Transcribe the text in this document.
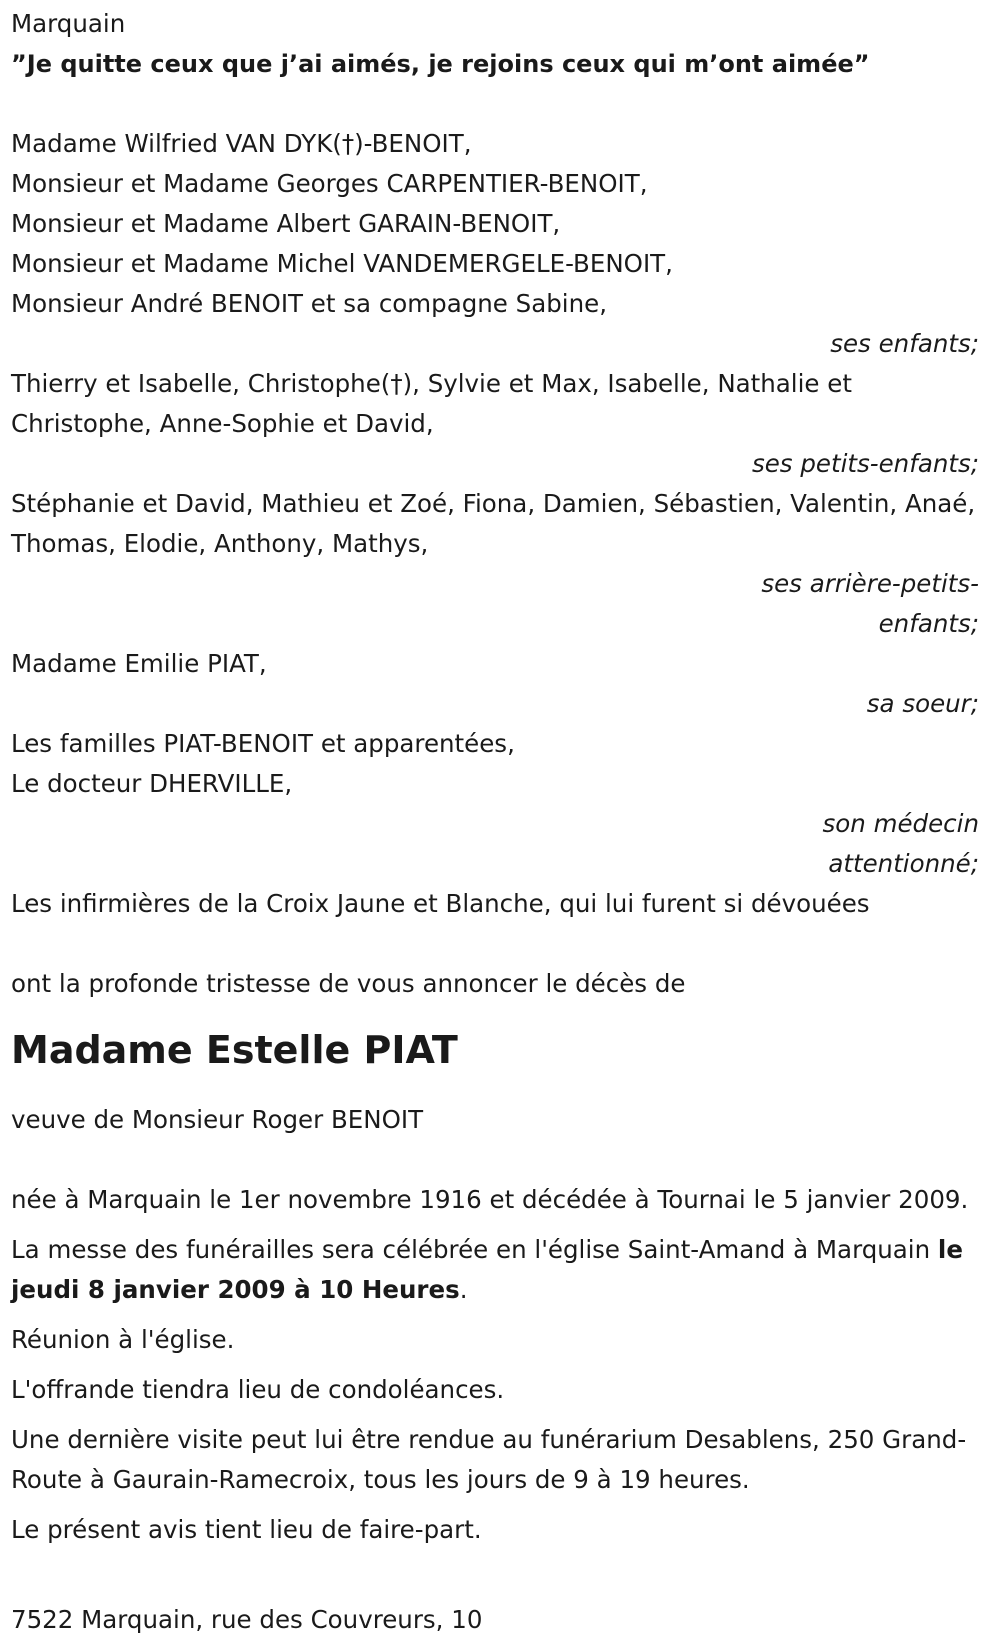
Marquain

”Je quitte ceux que j’ai aimés, je rejoins ceux qui m’ont aimée”

Madame Wilfried VAN DYK(†)-BENOIT,

Monsieur et Madame Georges CARPENTIER-BENOIT,

Monsieur et Madame Albert GARAIN-BENOIT,

Monsieur et Madame Michel VANDEMERGELE-BENOIT,

Monsieur André BENOIT et sa compagne Sabine,

ses enfants;

Thierry et Isabelle, Christophe(†), Sylvie et Max, Isabelle, Nathalie et Christophe, Anne-Sophie et David,

ses petits-enfants;

Stéphanie et David, Mathieu et Zoé, Fiona, Damien, Sébastien, Valentin, Anaé, Thomas, Elodie, Anthony, Mathys,

ses arrière-petits-enfants;

Madame Emilie PIAT,

sa soeur;

Les familles PIAT-BENOIT et apparentées,

Le docteur DHERVILLE,

son médecin attentionné;

Les infirmières de la Croix Jaune et Blanche, qui lui furent si dévouées

ont la profonde tristesse de vous annoncer le décès de

Madame Estelle PIAT

veuve de Monsieur Roger BENOIT

née à Marquain le 1er novembre 1916 et décédée à Tournai le 5 janvier 2009.

La messe des funérailles sera célébrée en l'église Saint-Amand à Marquain le jeudi 8 janvier 2009 à 10 Heures.

Réunion à l'église.

L'offrande tiendra lieu de condoléances.

Une dernière visite peut lui être rendue au funérarium Desablens, 250 Grand-Route à Gaurain-Ramecroix, tous les jours de 9 à 19 heures.

Le présent avis tient lieu de faire-part.

7522 Marquain, rue des Couvreurs, 10
